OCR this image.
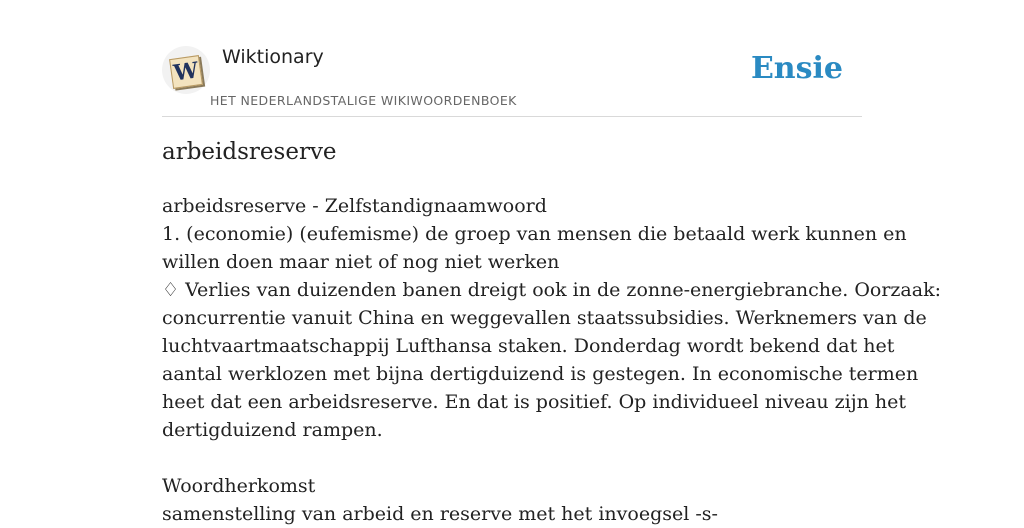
W
Wiktionary
HET NEDERLANDSTALIGE WIKIWOORDENBOEK
Ensie
arbeidsreserve
arbeidsreserve - Zelfstandignaamwoord
1. (economie) (eufemisme) de groep van mensen die betaald werk kunnen en
willen doen maar niet of nog niet werken
♢ Verlies van duizenden banen dreigt ook in de zonne-energiebranche. Oorzaak:
concurrentie vanuit China en weggevallen staatssubsidies. Werknemers van de
luchtvaartmaatschappij Lufthansa staken. Donderdag wordt bekend dat het
aantal werklozen met bijna dertigduizend is gestegen. In economische termen
heet dat een arbeidsreserve. En dat is positief. Op individueel niveau zijn het
dertigduizend rampen.
Woordherkomst
samenstelling van arbeid en reserve met het invoegsel -s-
